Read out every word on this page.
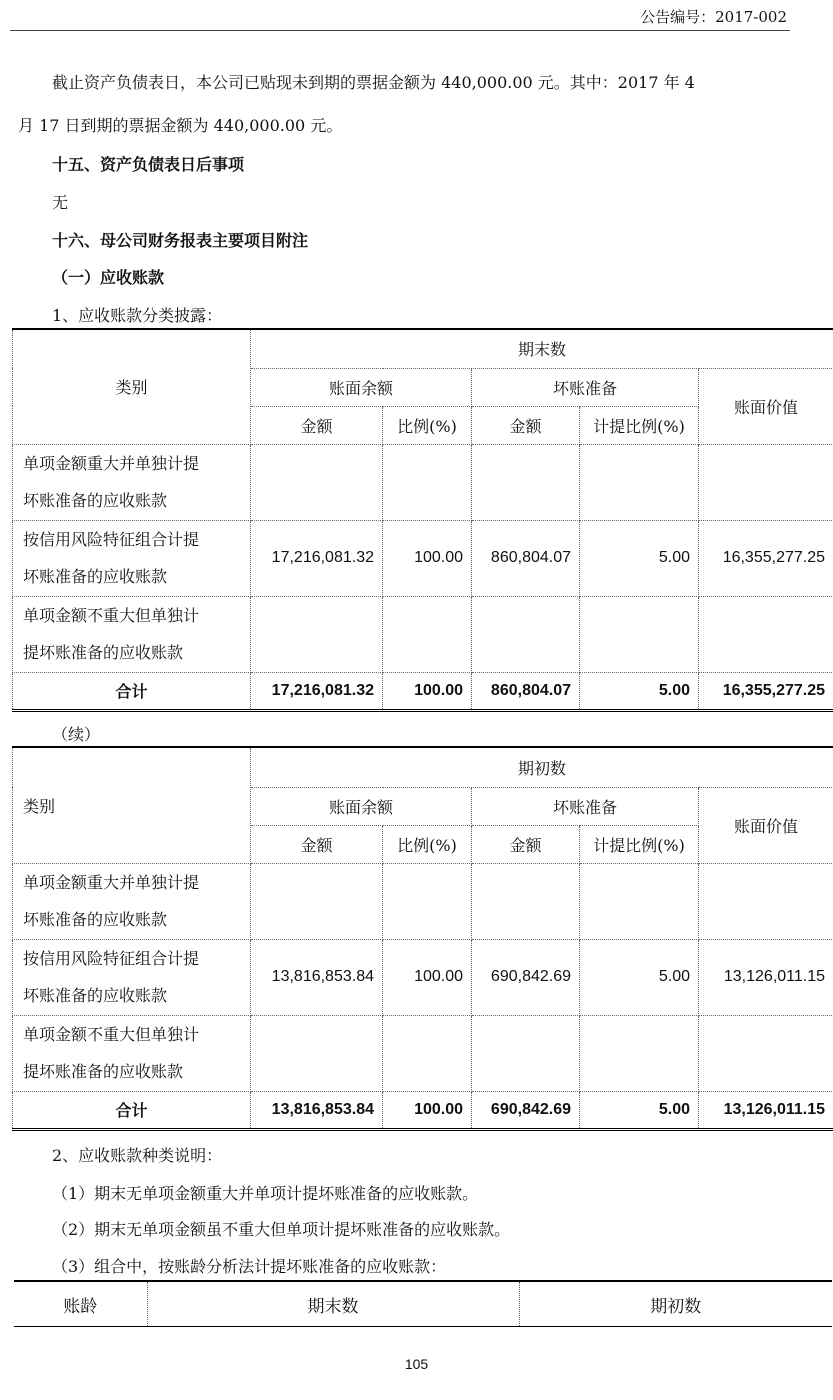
公告编号：2017-002
截止资产负债表日，本公司已贴现未到期的票据金额为 440,000.00 元。其中：2017 年 4
月 17 日到期的票据金额为 440,000.00 元。
十五、资产负债表日后事项
无
十六、母公司财务报表主要项目附注
（一）应收账款
1、应收账款分类披露：
类别	期末数				
	账面余额		坏账准备		账面价值
	金额	比例(%)	金额	计提比例(%)	
单项金额重大并单独计提
坏账准备的应收账款					
按信用风险特征组合计提
坏账准备的应收账款	17,216,081.32	100.00	860,804.07	5.00	16,355,277.25
单项金额不重大但单独计
提坏账准备的应收账款					
合计	17,216,081.32	100.00	860,804.07	5.00	16,355,277.25
（续）
类别	期初数				
	账面余额		坏账准备		账面价值
	金额	比例(%)	金额	计提比例(%)	
单项金额重大并单独计提
坏账准备的应收账款					
按信用风险特征组合计提
坏账准备的应收账款	13,816,853.84	100.00	690,842.69	5.00	13,126,011.15
单项金额不重大但单独计
提坏账准备的应收账款					
合计	13,816,853.84	100.00	690,842.69	5.00	13,126,011.15
2、应收账款种类说明：
（1）期末无单项金额重大并单项计提坏账准备的应收账款。
（2）期末无单项金额虽不重大但单项计提坏账准备的应收账款。
（3）组合中，按账龄分析法计提坏账准备的应收账款：
账龄	期末数	期初数
105
